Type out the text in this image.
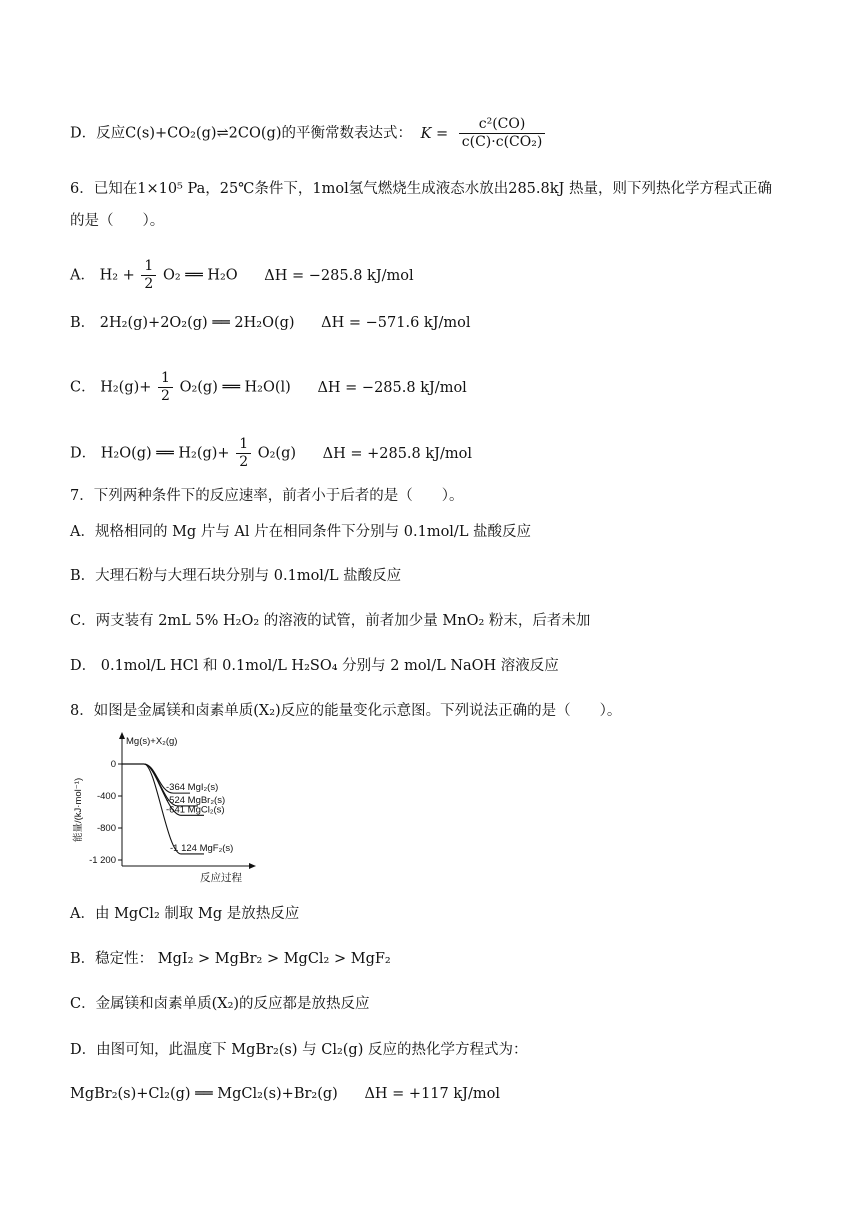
D．反应C(s)+CO₂(g)⇌2CO(g)的平衡常数表达式： $K = \frac{\text{c²(CO)}}{\text{c(C)·c(CO₂)}}$
6．已知在1×10⁵ Pa，25℃条件下，1mol氢气燃烧生成液态水放出285.8kJ 热量，则下列热化学方程式正确
的是（　　）。
A． $H_2 + \frac{1}{2} O_2$ ══ H₂O ΔH = −285.8 kJ/mol
B． 2H₂(g)+2O₂(g) ══ 2H₂O(g) ΔH = −571.6 kJ/mol
C． $H_2(g)+ \frac{1}{2} O_2(g)$ ══ H₂O(l) ΔH = −285.8 kJ/mol
D． H₂O(g) ══ $H_2(g)+ \frac{1}{2} O_2(g) \Delta H = +285.8$ kJ/mol
7．下列两种条件下的反应速率，前者小于后者的是（　　）。
A．规格相同的 Mg 片与 Al 片在相同条件下分别与 0.1mol/L 盐酸反应
B．大理石粉与大理石块分别与 0.1mol/L 盐酸反应
C．两支装有 2mL 5% H₂O₂ 的溶液的试管，前者加少量 MnO₂ 粉末，后者未加
D． 0.1mol/L HCl 和 0.1mol/L H₂SO₄ 分别与 2 mol/L NaOH 溶液反应
8．如图是金属镁和卤素单质(X₂)反应的能量变化示意图。下列说法正确的是（　　）。
Mg(s)+X₂(g)
反应过程
能量/(kJ·mol⁻¹)
0
-400
-800
-1 200
-364 MgI₂(s)
-524 MgBr₂(s)
-641 MgCl₂(s)
-1 124 MgF₂(s)
A．由 MgCl₂ 制取 Mg 是放热反应
B．稳定性： MgI₂ > MgBr₂ > MgCl₂ > MgF₂
C．金属镁和卤素单质(X₂)的反应都是放热反应
D．由图可知，此温度下 MgBr₂(s) 与 Cl₂(g) 反应的热化学方程式为：
MgBr₂(s)+Cl₂(g) ══ MgCl₂(s)+Br₂(g) ΔH = +117 kJ/mol
